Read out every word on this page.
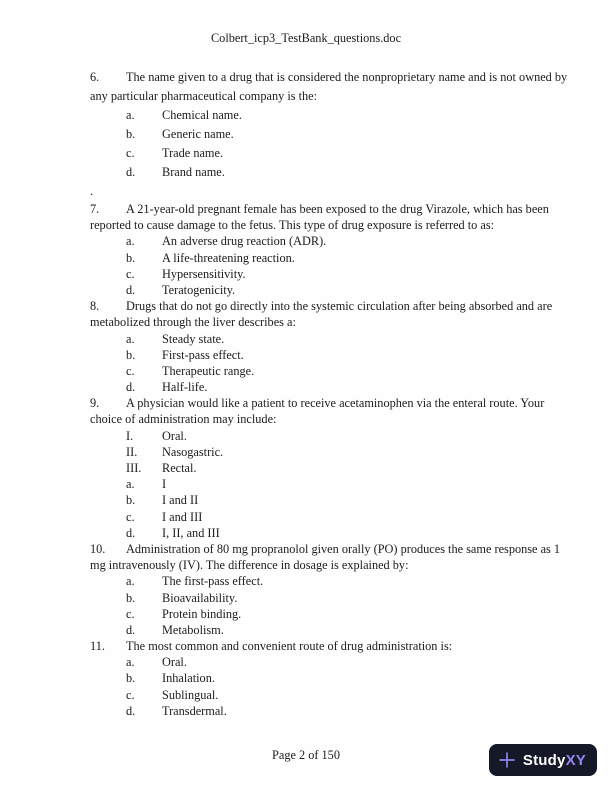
Colbert_icp3_TestBank_questions.doc
6. The name given to a drug that is considered the nonproprietary name and is not owned by
any particular pharmaceutical company is the:
a. Chemical name.
b. Generic name.
c. Trade name.
d. Brand name.
.
7. A 21-year-old pregnant female has been exposed to the drug Virazole, which has been
reported to cause damage to the fetus. This type of drug exposure is referred to as:
a. An adverse drug reaction (ADR).
b. A life-threatening reaction.
c. Hypersensitivity.
d. Teratogenicity.
8. Drugs that do not go directly into the systemic circulation after being absorbed and are
metabolized through the liver describes a:
a. Steady state.
b. First-pass effect.
c. Therapeutic range.
d. Half-life.
9. A physician would like a patient to receive acetaminophen via the enteral route. Your
choice of administration may include:
I. Oral.
II. Nasogastric.
III. Rectal.
a. I
b. I and II
c. I and III
d. I, II, and III
10. Administration of 80 mg propranolol given orally (PO) produces the same response as 1
mg intravenously (IV). The difference in dosage is explained by:
a. The first-pass effect.
b. Bioavailability.
c. Protein binding.
d. Metabolism.
11. The most common and convenient route of drug administration is:
a. Oral.
b. Inhalation.
c. Sublingual.
d. Transdermal.
Page 2 of 150	StudyXY
